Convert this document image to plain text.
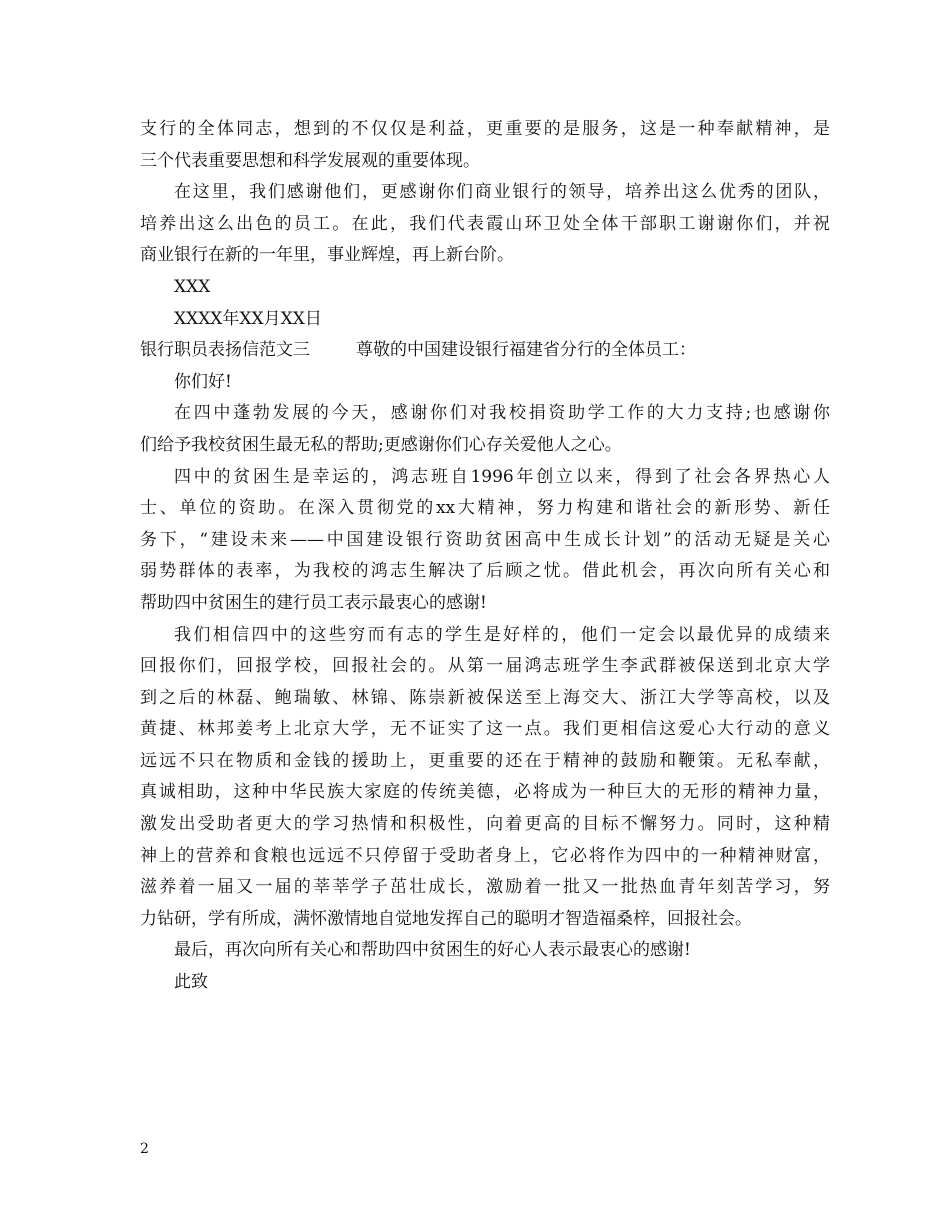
支行的全体同志，想到的不仅仅是利益，更重要的是服务，这是一种奉献精神，是
三个代表重要思想和科学发展观的重要体现。
在这里，我们感谢他们，更感谢你们商业银行的领导，培养出这么优秀的团队，
培养出这么出色的员工。在此，我们代表霞山环卫处全体干部职工谢谢你们，并祝
商业银行在新的一年里，事业辉煌，再上新台阶。
XXX
XXXX年XX月XX日
银行职员表扬信范文三	尊敬的中国建设银行福建省分行的全体员工：
你们好!
在四中蓬勃发展的今天，感谢你们对我校捐资助学工作的大力支持;也感谢你
们给予我校贫困生最无私的帮助;更感谢你们心存关爱他人之心。
四中的贫困生是幸运的，鸿志班自1996年创立以来，得到了社会各界热心人
士、单位的资助。在深入贯彻党的xx大精神，努力构建和谐社会的新形势、新任
务下，“建设未来——中国建设银行资助贫困高中生成长计划”的活动无疑是关心
弱势群体的表率，为我校的鸿志生解决了后顾之忧。借此机会，再次向所有关心和
帮助四中贫困生的建行员工表示最衷心的感谢!
我们相信四中的这些穷而有志的学生是好样的，他们一定会以最优异的成绩来
回报你们，回报学校，回报社会的。从第一届鸿志班学生李武群被保送到北京大学
到之后的林磊、鲍瑞敏、林锦、陈崇新被保送至上海交大、浙江大学等高校，以及
黄捷、林邦姜考上北京大学，无不证实了这一点。我们更相信这爱心大行动的意义
远远不只在物质和金钱的援助上，更重要的还在于精神的鼓励和鞭策。无私奉献，
真诚相助，这种中华民族大家庭的传统美德，必将成为一种巨大的无形的精神力量，
激发出受助者更大的学习热情和积极性，向着更高的目标不懈努力。同时，这种精
神上的营养和食粮也远远不只停留于受助者身上，它必将作为四中的一种精神财富，
滋养着一届又一届的莘莘学子茁壮成长，激励着一批又一批热血青年刻苦学习，努
力钻研，学有所成，满怀激情地自觉地发挥自己的聪明才智造福桑梓，回报社会。
最后，再次向所有关心和帮助四中贫困生的好心人表示最衷心的感谢!
此致
2
